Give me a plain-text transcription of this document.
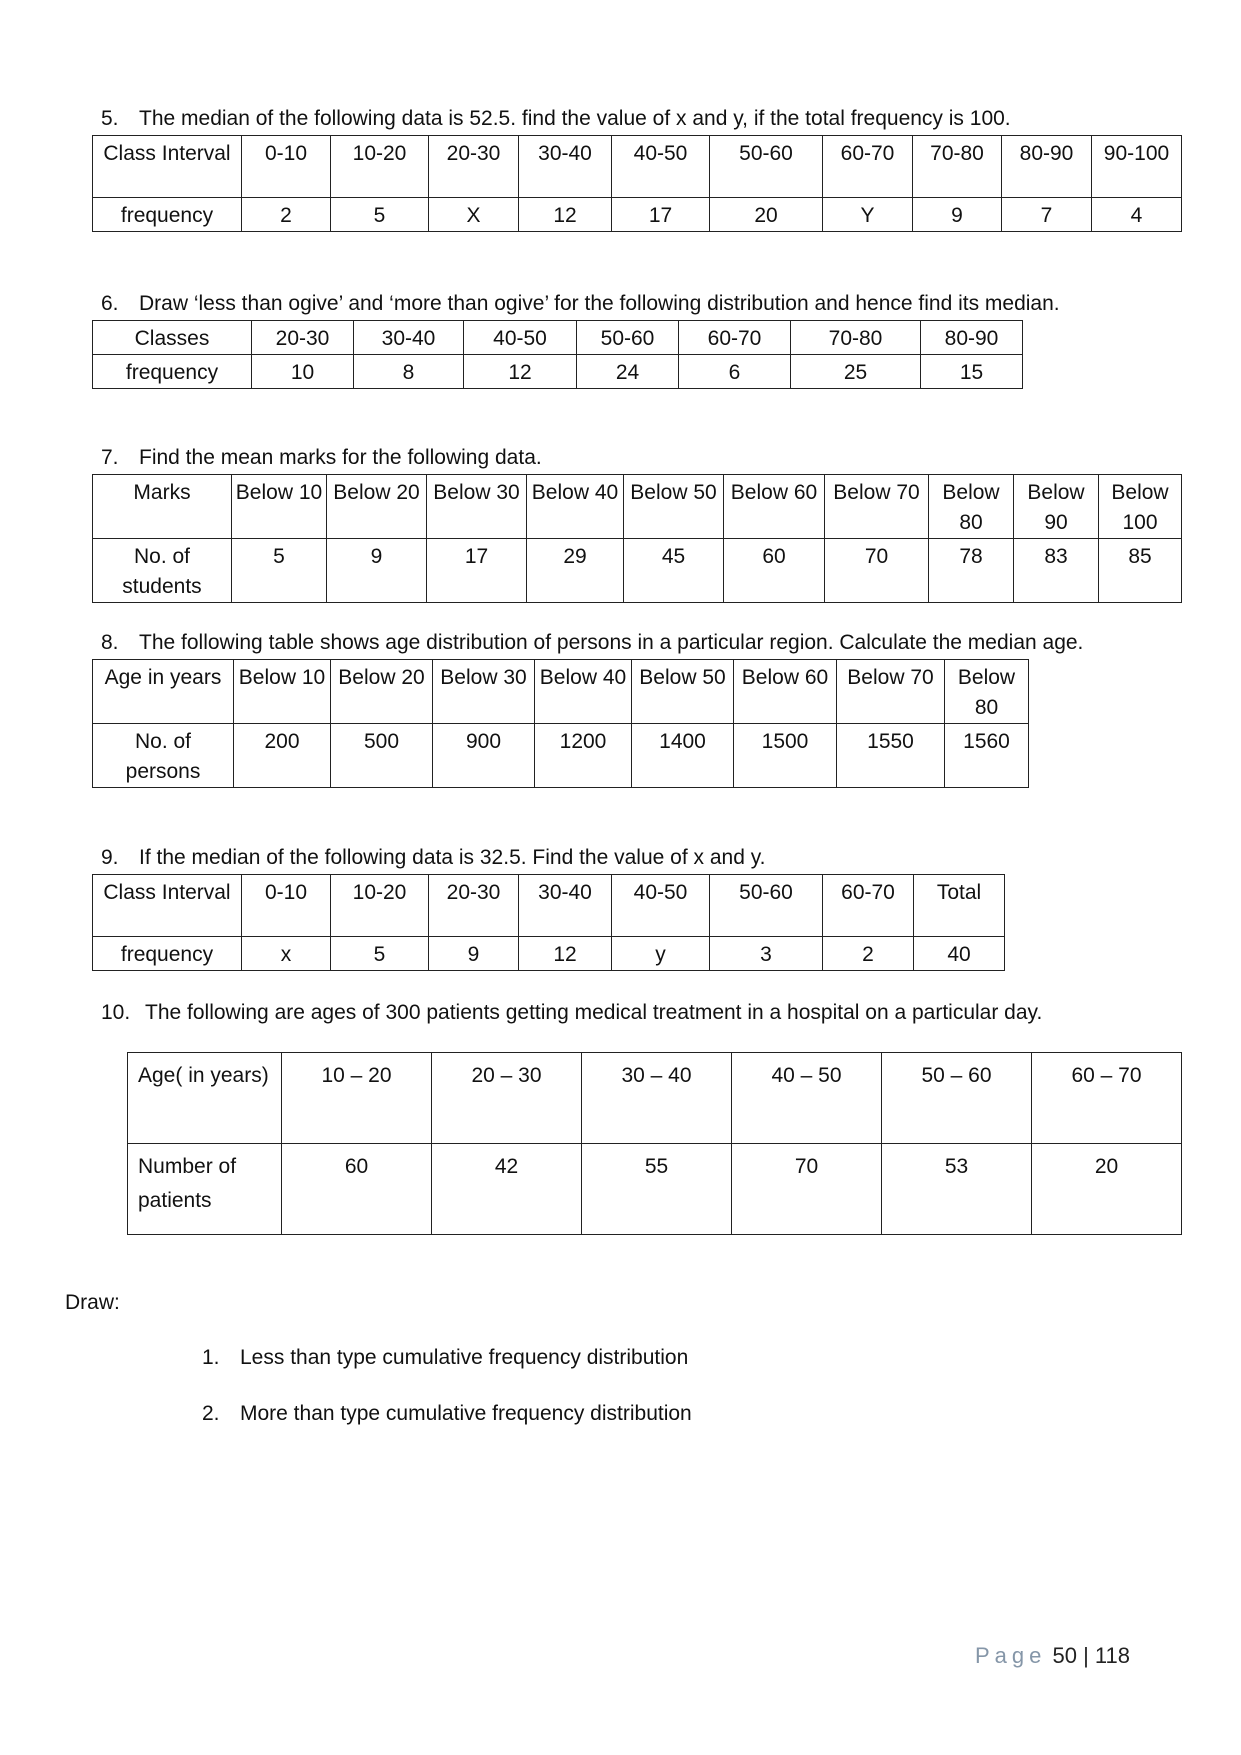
5. The median of the following data is 52.5. find the value of x and y, if the total frequency is 100.
Class Interval	0-10	10-20	20-30	30-40	40-50	50-60	60-70	70-80	80-90	90-100
frequency	2	5	X	12	17	20	Y	9	7	4
6. Draw ‘less than ogive’ and ‘more than ogive’ for the following distribution and hence find its median.
Classes	20-30	30-40	40-50	50-60	60-70	70-80	80-90
frequency	10	8	12	24	6	25	15
7. Find the mean marks for the following data.
Marks	Below 10	Below 20	Below 30	Below 40	Below 50	Below 60	Below 70	Below 80	Below 90	Below 100
No. of students	5	9	17	29	45	60	70	78	83	85
8. The following table shows age distribution of persons in a particular region. Calculate the median age.
Age in years	Below 10	Below 20	Below 30	Below 40	Below 50	Below 60	Below 70	Below 80
No. of persons	200	500	900	1200	1400	1500	1550	1560
9. If the median of the following data is 32.5. Find the value of x and y.
Class Interval	0-10	10-20	20-30	30-40	40-50	50-60	60-70	Total
frequency	x	5	9	12	y	3	2	40
10. The following are ages of 300 patients getting medical treatment in a hospital on a particular day.
Age( in years)	10 – 20	20 – 30	30 – 40	40 – 50	50 – 60	60 – 70
Number of patients	60	42	55	70	53	20
Draw:
1. Less than type cumulative frequency distribution
2. More than type cumulative frequency distribution
Page 50 | 118
